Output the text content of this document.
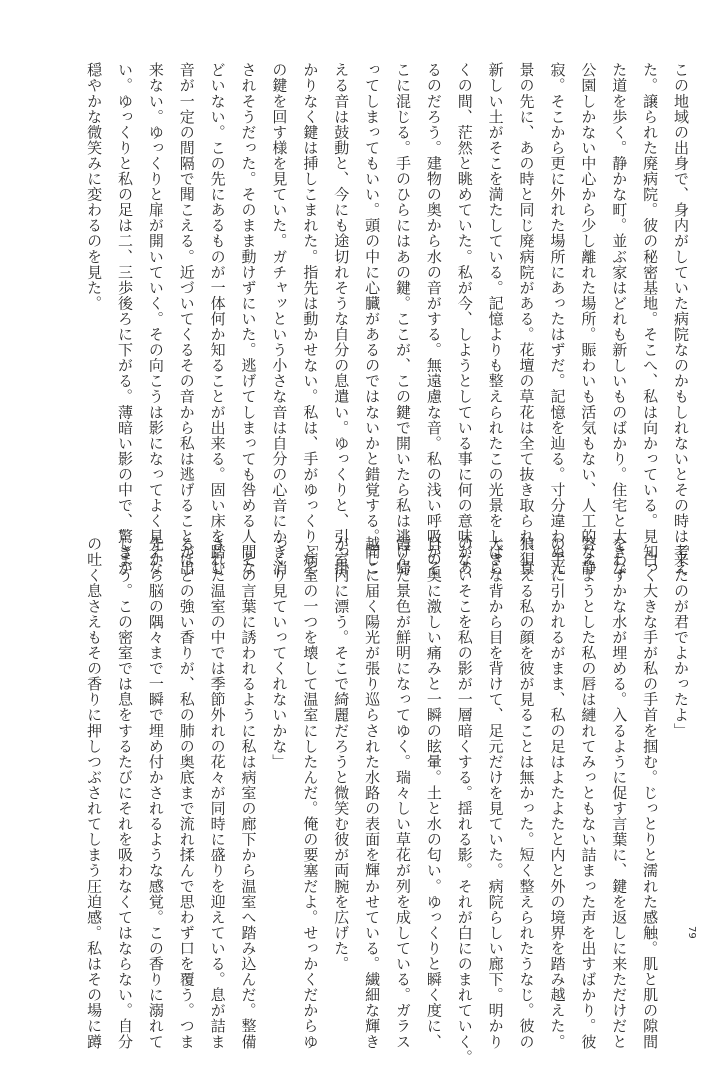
この地域の出身で、身内がしていた病院なのかもしれないとその時は考え
た。譲られた廃病院。彼の秘密基地。そこへ、私は向かっている。見知っ
た道を歩く。静かな町。並ぶ家はどれも新しいものばかり。住宅と大きな
公園しかない中心から少し離れた場所。賑わいも活気もない、人工的な静
寂。そこから更に外れた場所にあったはずだ。記憶を辿る。寸分違わぬ光
景の先に、あの時と同じ廃病院がある。花壇の草花は全て抜き取られ、真
新しい土がそこを満たしている。記憶よりも整えられたこの光景をしばら
くの間、茫然と眺めていた。私が今、しようとしている事に何の意味があ
るのだろう。建物の奥から水の音がする。無遠慮な音。私の浅い呼吸がそ
こに混じる。手のひらにはあの鍵。ここが、この鍵で開いたら私は逃げ帰
ってしまってもいい。頭の中に心臓があるのではないかと錯覚する。聞こ
える音は鼓動と、今にも途切れそうな自分の息遣い。ゆっくりと、引っ掛
かりなく鍵は挿しこまれた。指先は動かせない。私は、手がゆっくりとそ
の鍵を回す様を見ていた。ガチャッという小さな音は自分の心音にかき消
されそうだった。そのまま動けずにいた。逃げてしまっても咎める人間な
どいない。この先にあるものが一体何か知ることが出来る。固い床を踏む
音が一定の間隔で聞こえる。近づいてくるその音から私は逃げることが出
来ない。ゆっくりと扉が開いていく。その向こうは影になってよく見えな
い。ゆっくりと私の足は二、三歩後ろに下がる。薄暗い影の中で、驚きが
穏やかな微笑みに変わるのを見た。
「来たのが君でよかったよ」
　白く大きな手が私の手首を掴む。じっとりと濡れた感触。肌と肌の隙間
をわずかな水が埋める。入るように促す言葉に、鍵を返しに来ただけだと
答えようとした私の唇は縺れてみっともない詰まった声を出すばかり。彼
の手に引かれるがまま、私の足はよたよたと内と外の境界を踏み越えた。
狼狽える私の顔を彼が見ることは無かった。短く整えられたうなじ。彼の
大きな背から目を背けて、足元だけを見ていた。病院らしい廊下。明かり
のないそこを私の影が一層暗くする。揺れる影。それが白にのまれていく。
目の奥に激しい痛みと一瞬の眩暈。土と水の匂い。ゆっくりと瞬く度に、
霞んだ景色が鮮明になってゆく。瑞々しい草花が列を成している。ガラス
越しに届く陽光が張り巡らされた水路の表面を輝かせている。繊細な輝き
が室内に漂う。そこで綺麗だろうと微笑む彼が両腕を広げた。
「病室の一つを壊して温室にしたんだ。俺の要塞だよ。せっかくだからゆ
っくり見ていってくれないかな」
　その言葉に誘われるように私は病室の廊下から温室へ踏み込んだ。整備
された温室の中では季節外れの花々が同時に盛りを迎えている。息が詰ま
るほどの強い香りが、私の肺の奥底まで流れ揉んで思わず口を覆う。つま
先から脳の隅々まで一瞬で埋め付かされるような感覚。この香りに溺れて
しまう。この密室では息をするたびにそれを吸わなくてはならない。自分
の吐く息さえもその香りに押しつぶされてしまう圧迫感。私はその場に蹲	79
